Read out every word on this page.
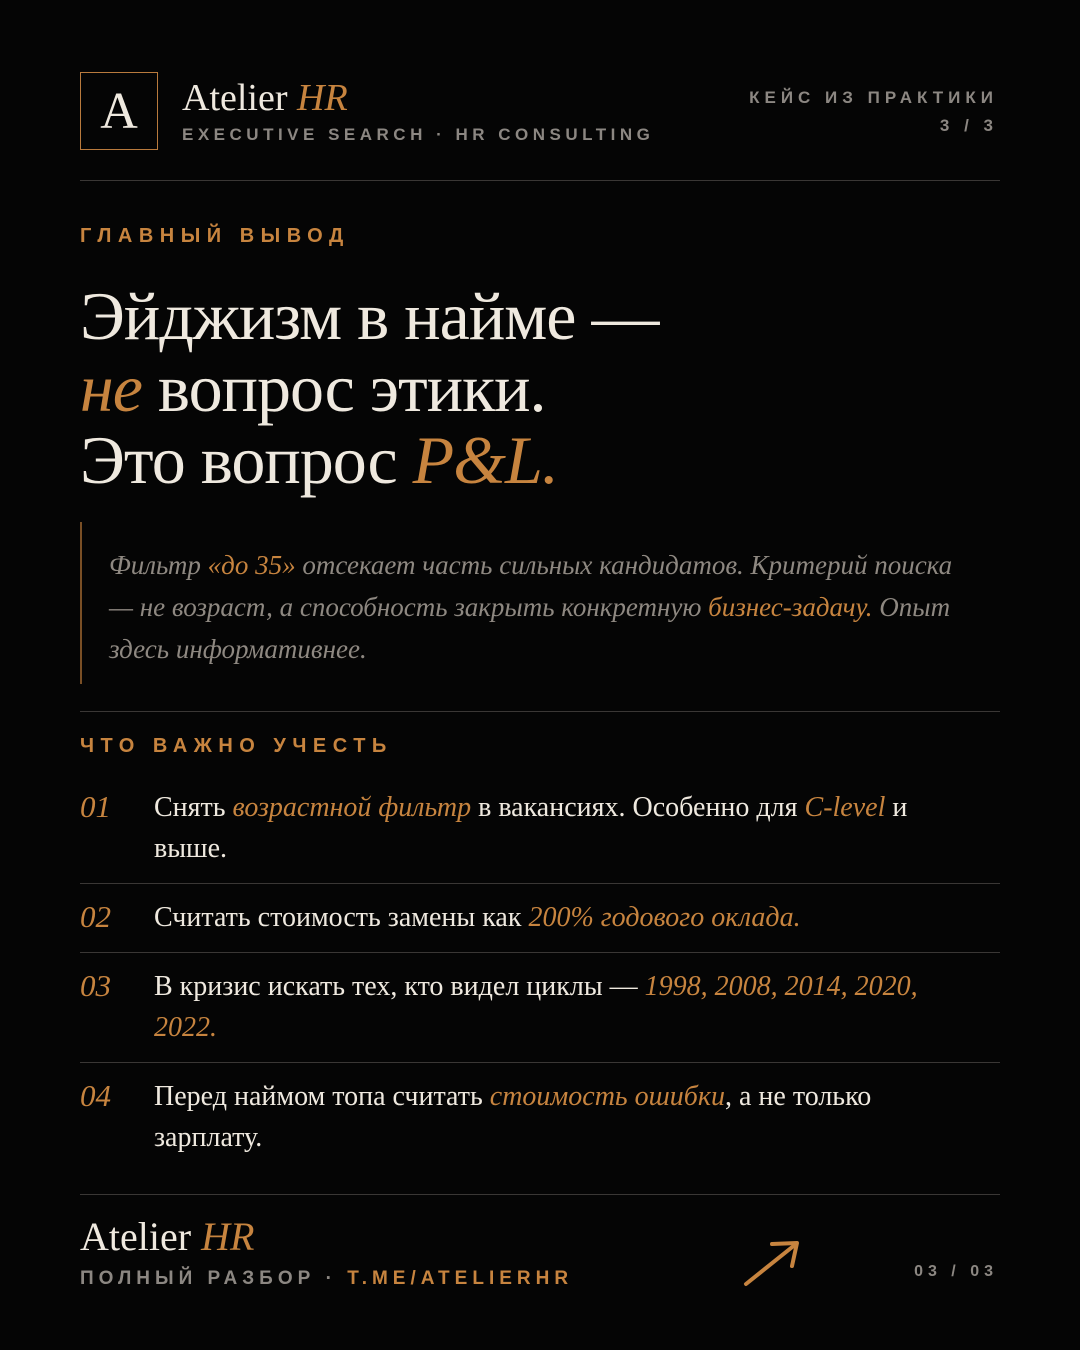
A Atelier HR
EXECUTIVE SEARCH · HR CONSULTING
КЕЙС ИЗ ПРАКТИКИ
3 / 3
ГЛАВНЫЙ ВЫВОД
Эйджизм в найме —
не вопрос этики.
Это вопрос P&L.
Фильтр «до 35» отсекает часть сильных кандидатов. Критерий поиска — не возраст, а способность закрыть конкретную бизнес-задачу. Опыт здесь информативнее.
ЧТО ВАЖНО УЧЕСТЬ
01	Снять возрастной фильтр в вакансиях. Особенно для C-level и выше.
02	Считать стоимость замены как 200% годового оклада.
03	В кризис искать тех, кто видел циклы — 1998, 2008, 2014, 2020, 2022.
04	Перед наймом топа считать стоимость ошибки, а не только зарплату.
Atelier HR
ПОЛНЫЙ РАЗБОР · T.ME/ATELIERHR	03 / 03
